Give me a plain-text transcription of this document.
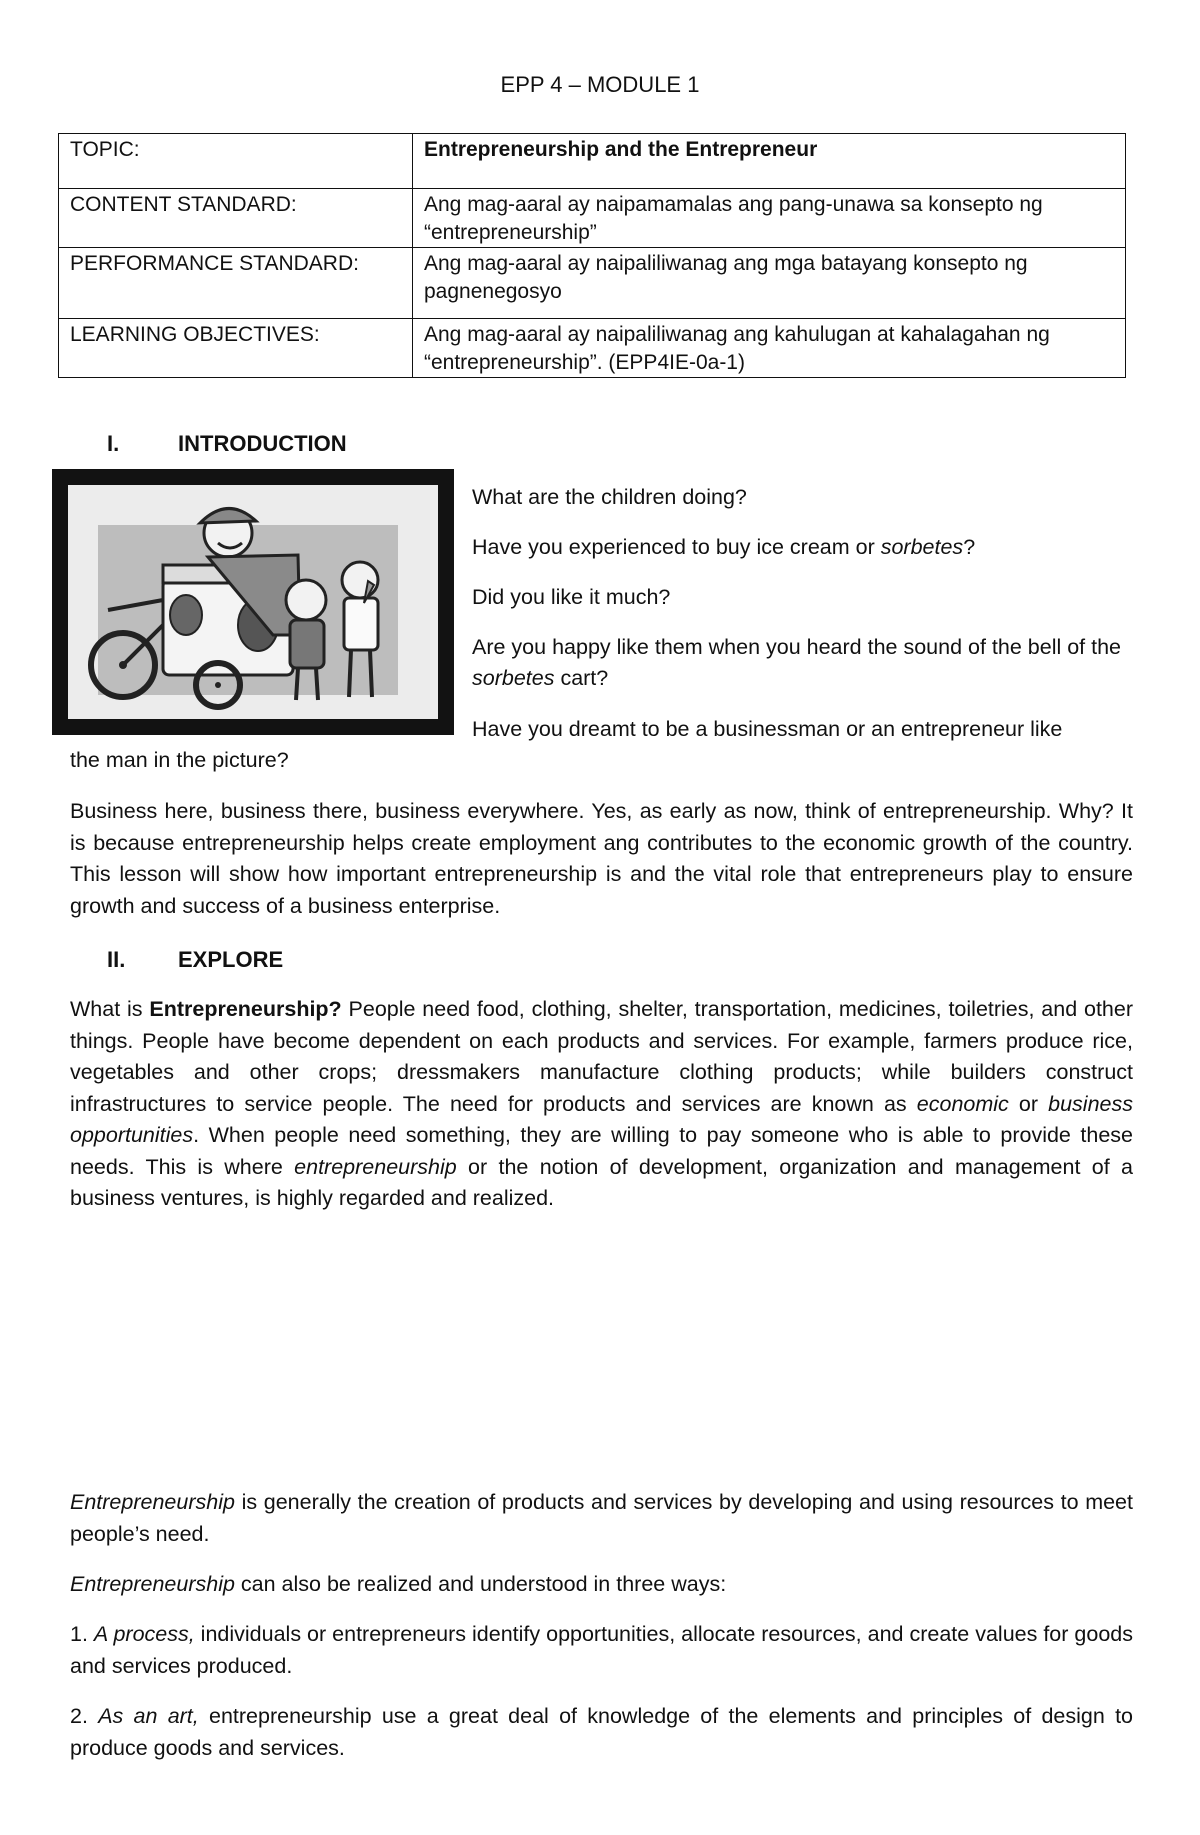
EPP 4 – MODULE 1
TOPIC:	Entrepreneurship and the Entrepreneur
CONTENT STANDARD:	Ang mag-aaral ay naipamamalas ang pang-unawa sa konsepto ng “entrepreneurship”
PERFORMANCE STANDARD:	Ang mag-aaral ay naipaliliwanag ang mga batayang konsepto ng pagnenegosyo
LEARNING OBJECTIVES:	Ang mag-aaral ay naipaliliwanag ang kahulugan at kahalagahan ng “entrepreneurship”. (EPP4IE-0a-1)
I.	INTRODUCTION
What are the children doing?
Have you experienced to buy ice cream or sorbetes?
Did you like it much?
Are you happy like them when you heard the sound of the bell of the sorbetes cart?
Have you dreamt to be a businessman or an entrepreneur like
the man in the picture?
Business here, business there, business everywhere. Yes, as early as now, think of entrepreneurship. Why? It is because entrepreneurship helps create employment ang contributes to the economic growth of the country. This lesson will show how important entrepreneurship is and the vital role that entrepreneurs play to ensure growth and success of a business enterprise.
II. EXPLORE
What is Entrepreneurship? People need food, clothing, shelter, transportation, medicines, toiletries, and other things. People have become dependent on each products and services. For example, farmers produce rice, vegetables and other crops; dressmakers manufacture clothing products; while builders construct infrastructures to service people. The need for products and services are known as economic or business opportunities. When people need something, they are willing to pay someone who is able to provide these needs. This is where entrepreneurship or the notion of development, organization and management of a business ventures, is highly regarded and realized.
Entrepreneurship is generally the creation of products and services by developing and using resources to meet people’s need.
Entrepreneurship can also be realized and understood in three ways:
1. A process, individuals or entrepreneurs identify opportunities, allocate resources, and create values for goods and services produced.
2. As an art, entrepreneurship use a great deal of knowledge of the elements and principles of design to produce goods and services.
